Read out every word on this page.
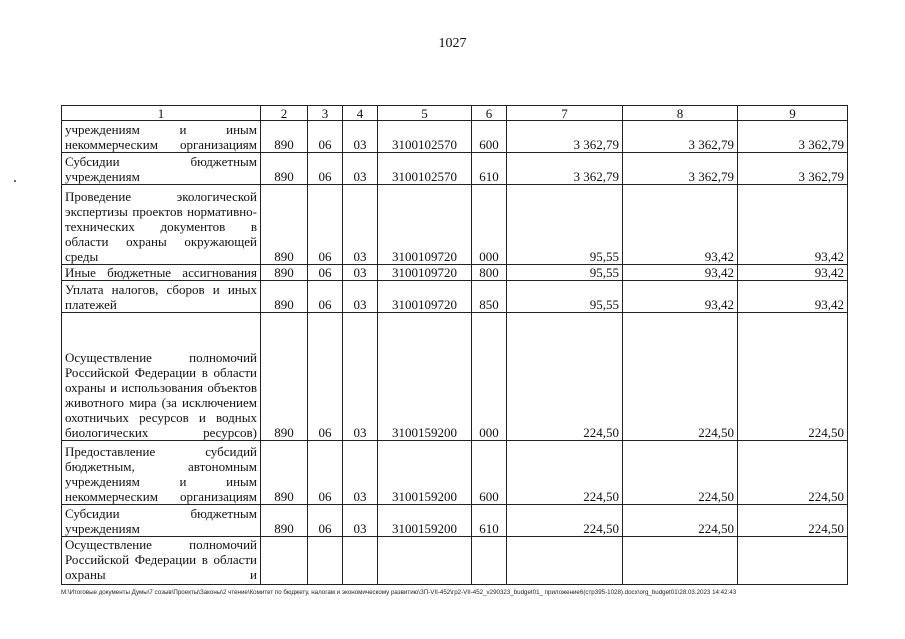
1027
1	2	3	4	5	6	7	8	9
учреждениям и иным некоммерческим организациям	890	06	03	3100102570	600	3 362,79	3 362,79	3 362,79
Субсидии бюджетным учреждениям	890	06	03	3100102570	610	3 362,79	3 362,79	3 362,79
Проведение экологической экспертизы проектов нормативно-технических документов в области охраны окружающей среды	890	06	03	3100109720	000	95,55	93,42	93,42
Иные бюджетные ассигнования	890	06	03	3100109720	800	95,55	93,42	93,42
Уплата налогов, сборов и иных платежей	890	06	03	3100109720	850	95,55	93,42	93,42
Осуществление полномочий Российской Федерации в области охраны и использования объектов животного мира (за исключением охотничьих ресурсов и водных биологических ресурсов)	890	06	03	3100159200	000	224,50	224,50	224,50
Предоставление субсидий бюджетным, автономным учреждениям и иным некоммерческим организациям	890	06	03	3100159200	600	224,50	224,50	224,50
Субсидии бюджетным учреждениям	890	06	03	3100159200	610	224,50	224,50	224,50
Осуществление полномочий Российской Федерации в области охраны и								
M:\Итоговые документы Думы\7 созыв\Проекты\Законы\2 чтение\Комитет по бюджету, налогам и экономическому развитию\ЗП-VII-452\гр2-VII-452_v290323_budget01_ приложение6(стр395-1028).docx\org_budget01\28.03.2023 14:42:43
